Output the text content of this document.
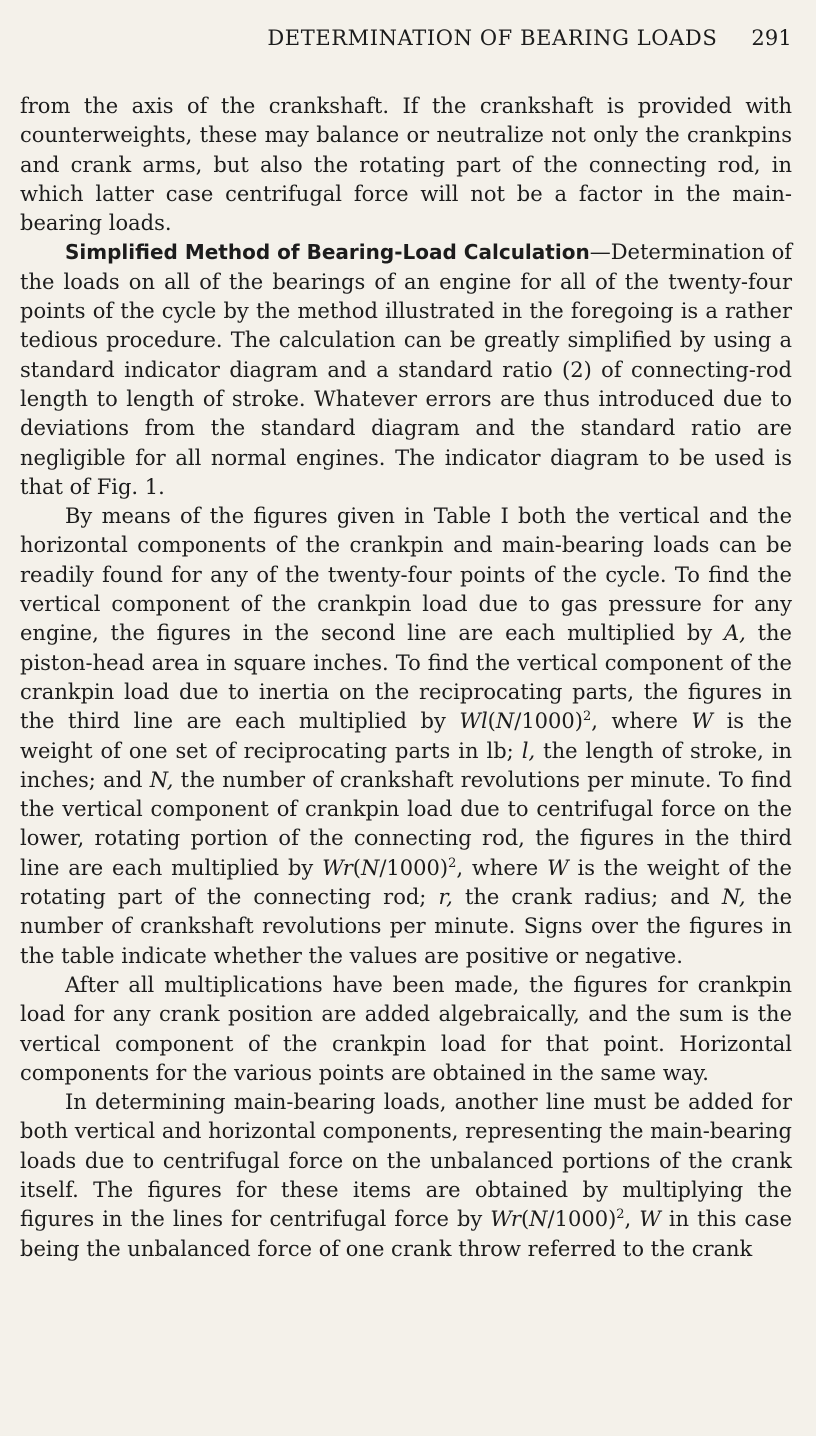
DETERMINATION OF BEARING LOADS 291

from the axis of the crankshaft. If the crankshaft is provided with counterweights, these may balance or neutralize not only the crankpins and crank arms, but also the rotating part of the connecting rod, in which latter case centrifugal force will not be a factor in the main-bearing loads.

Simplified Method of Bearing-Load Calculation—Determination of the loads on all of the bearings of an engine for all of the twenty-four points of the cycle by the method illustrated in the foregoing is a rather tedious procedure. The calculation can be greatly simplified by using a standard indicator diagram and a standard ratio (2) of connecting-rod length to length of stroke. Whatever errors are thus introduced due to deviations from the standard diagram and the standard ratio are negligible for all normal engines. The indicator diagram to be used is that of Fig. 1.

By means of the figures given in Table I both the vertical and the horizontal components of the crankpin and main-bearing loads can be readily found for any of the twenty-four points of the cycle. To find the vertical component of the crankpin load due to gas pressure for any engine, the figures in the second line are each multiplied by A, the piston-head area in square inches. To find the vertical component of the crankpin load due to inertia on the reciprocating parts, the figures in the third line are each multiplied by $Wl(N/1000)^2$, where W is the weight of one set of reciprocating parts in lb; l, the length of stroke, in inches; and N, the number of crankshaft revolutions per minute. To find the vertical component of crankpin load due to centrifugal force on the lower, rotating portion of the connecting rod, the figures in the third line are each multiplied by $Wr(N/1000)^2$, where W is the weight of the rotating part of the connecting rod; r, the crank radius; and N, the number of crankshaft revolutions per minute. Signs over the figures in the table indicate whether the values are positive or negative.

After all multiplications have been made, the figures for crankpin load for any crank position are added algebraically, and the sum is the vertical component of the crankpin load for that point. Horizontal components for the various points are obtained in the same way.

In determining main-bearing loads, another line must be added for both vertical and horizontal components, representing the main-bearing loads due to centrifugal force on the unbalanced portions of the crank itself. The figures for these items are obtained by multiplying the figures in the lines for centrifugal force by $Wr(N/1000)^2$, W in this case being the unbalanced force of one crank throw referred to the crank
